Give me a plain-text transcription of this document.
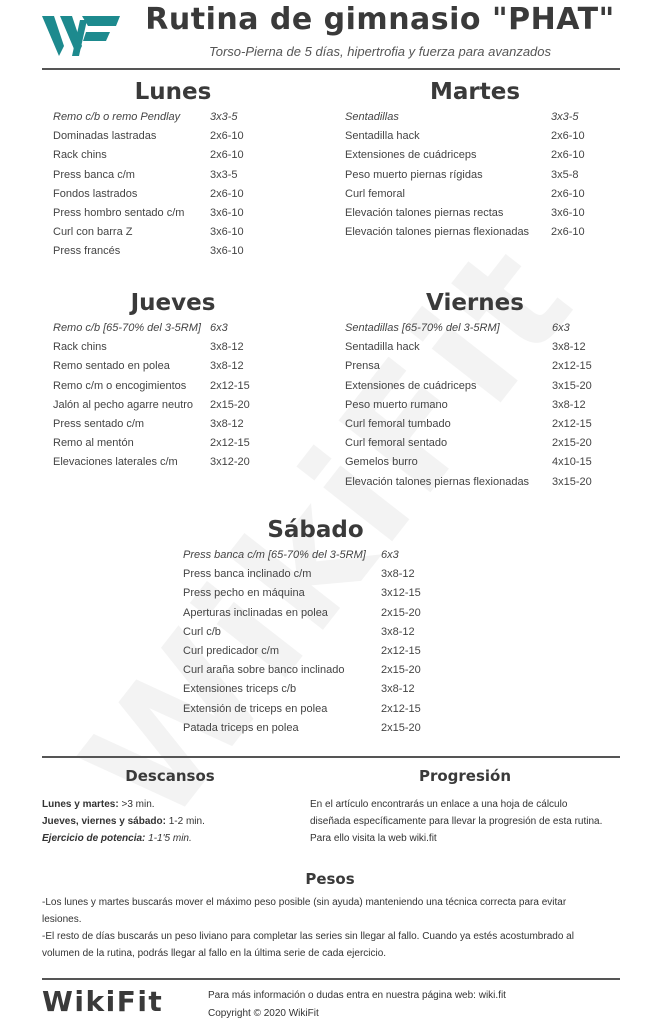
Rutina de gimnasio "PHAT"
Torso-Pierna de 5 días, hipertrofia y fuerza para avanzados
Lunes
Remo c/b o remo Pendlay	3x3-5
Dominadas lastradas	2x6-10
Rack chins	2x6-10
Press banca c/m	3x3-5
Fondos lastrados	2x6-10
Press hombro sentado c/m 3x6-10
Curl con barra Z	3x6-10
Press francés	3x6-10
Martes
Sentadillas	3x3-5
Sentadilla hack	2x6-10
Extensiones de cuádriceps	2x6-10
Peso muerto piernas rígidas	3x5-8
Curl femoral	2x6-10
Elevación talones piernas rectas	3x6-10
Elevación talones piernas flexionadas 2x6-10
Jueves
Remo c/b [65-70% del 3-5RM] 6x3
Rack chins	3x8-12
Remo sentado en polea	3x8-12
Remo c/m o encogimientos 2x12-15
Jalón al pecho agarre neutro 2x15-20
Press sentado c/m	3x8-12
Remo al mentón	2x12-15
Elevaciones laterales c/m	3x12-20
Viernes
Sentadillas [65-70% del 3-5RM]	6x3
Sentadilla hack	3x8-12
Prensa	2x12-15
Extensiones de cuádriceps	3x15-20
Peso muerto rumano	3x8-12
Curl femoral tumbado	2x12-15
Curl femoral sentado	2x15-20
Gemelos burro	4x10-15
Elevación talones piernas flexionadas 3x15-20
Sábado
Press banca c/m [65-70% del 3-5RM] 6x3
Press banca inclinado c/m	3x8-12
Press pecho en máquina	3x12-15
Aperturas inclinadas en polea	2x15-20
Curl c/b	3x8-12
Curl predicador c/m	2x12-15
Curl araña sobre banco inclinado	2x15-20
Extensiones triceps c/b	3x8-12
Extensión de triceps en polea	2x12-15
Patada triceps en polea	2x15-20
Descansos
Lunes y martes: >3 min.
Jueves, viernes y sábado: 1-2 min.
Ejercicio de potencia: 1-1'5 min.
Progresión
En el artículo encontrarás un enlace a una hoja de cálculo
diseñada específicamente para llevar la progresión de esta rutina.
Para ello visita la web wiki.fit
Pesos
-Los lunes y martes buscarás mover el máximo peso posible (sin ayuda) manteniendo una técnica correcta para evitar
lesiones.
-El resto de días buscarás un peso liviano para completar las series sin llegar al fallo. Cuando ya estés acostumbrado al
volumen de la rutina, podrás llegar al fallo en la última serie de cada ejercicio.
WikiFit	Para más información o dudas entra en nuestra página web: wiki.fit
Copyright © 2020 WikiFit
